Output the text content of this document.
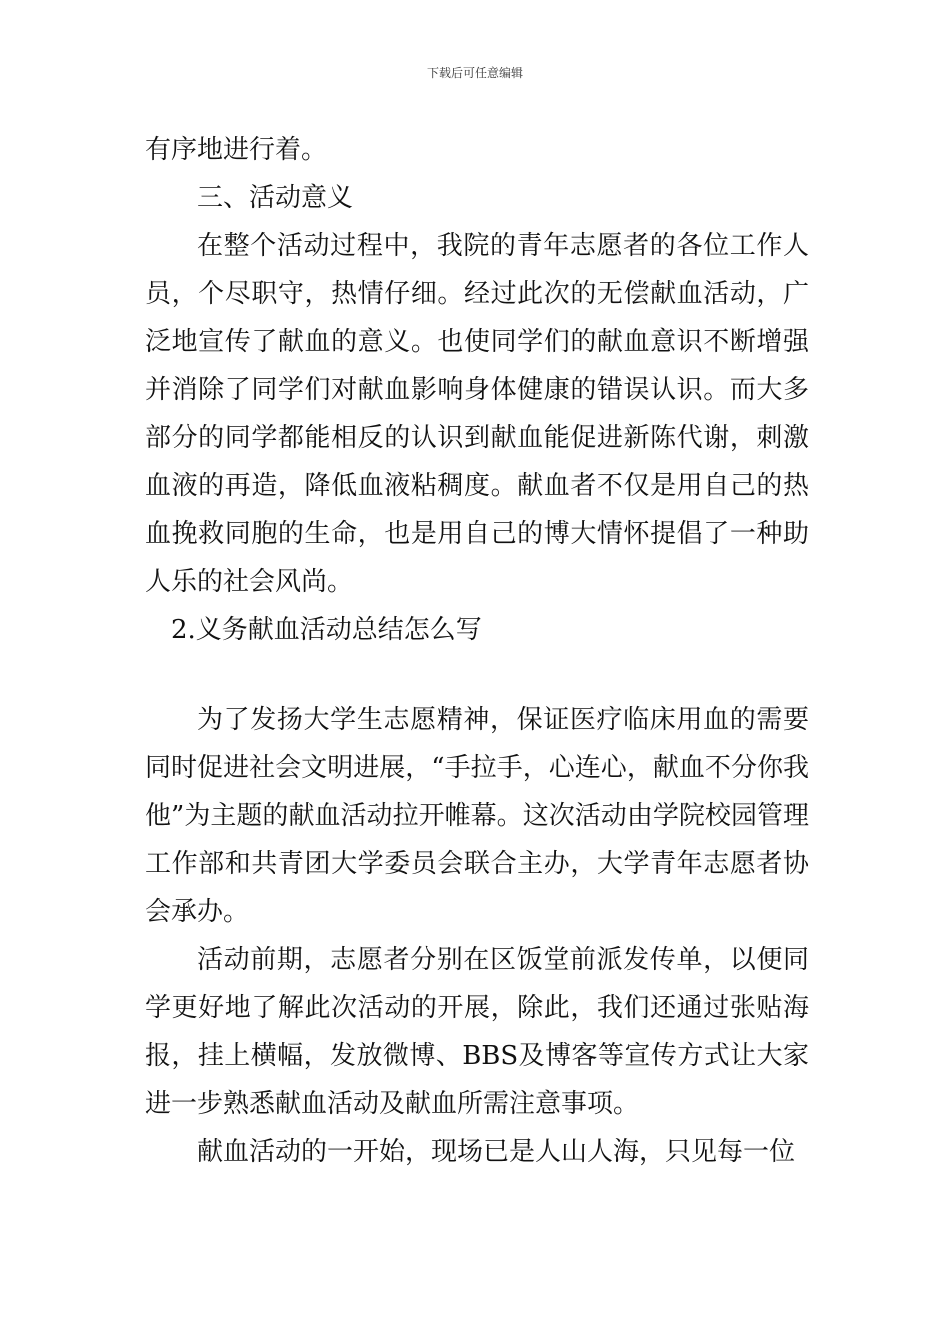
下载后可任意编辑

有序地进行着。

三、活动意义

在整个活动过程中，我院的青年志愿者的各位工作人员，个尽职守，热情仔细。经过此次的无偿献血活动，广泛地宣传了献血的意义。也使同学们的献血意识不断增强并消除了同学们对献血影响身体健康的错误认识。而大多部分的同学都能相反的认识到献血能促进新陈代谢，刺激血液的再造，降低血液粘稠度。献血者不仅是用自己的热血挽救同胞的生命，也是用自己的博大情怀提倡了一种助人乐的社会风尚。

2.义务献血活动总结怎么写

为了发扬大学生志愿精神，保证医疗临床用血的需要同时促进社会文明进展，“手拉手，心连心，献血不分你我他”为主题的献血活动拉开帷幕。这次活动由学院校园管理工作部和共青团大学委员会联合主办，大学青年志愿者协会承办。

活动前期，志愿者分别在区饭堂前派发传单，以便同学更好地了解此次活动的开展，除此，我们还通过张贴海报，挂上横幅，发放微博、BBS及博客等宣传方式让大家进一步熟悉献血活动及献血所需注意事项。

献血活动的一开始，现场已是人山人海，只见每一位
